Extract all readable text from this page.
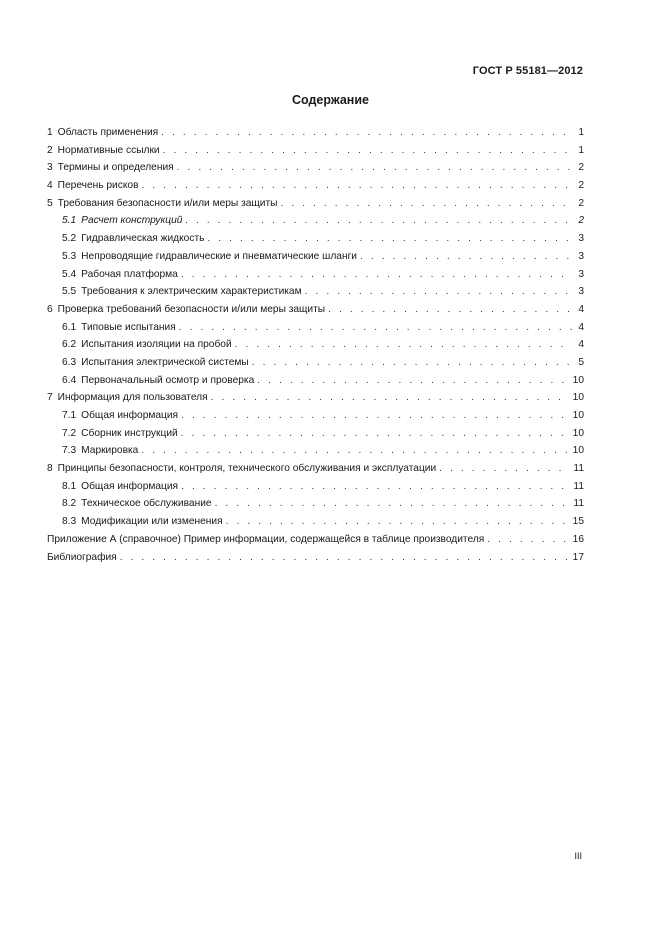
ГОСТ Р 55181—2012
Содержание
1 Область применения . . .	1
2 Нормативные ссылки . . .	1
3 Термины и определения . . .	2
4 Перечень рисков . . .	2
5 Требования безопасности и/или меры защиты . . .	2
5.1 Расчет конструкций . . .	2
5.2 Гидравлическая жидкость . . .	3
5.3 Непроводящие гидравлические и пневматические шланги . . .	3
5.4 Рабочая платформа . . .	3
5.5 Требования к электрическим характеристикам . . .	3
6 Проверка требований безопасности и/или меры защиты . . .	4
6.1 Типовые испытания . . .	4
6.2 Испытания изоляции на пробой . . .	4
6.3 Испытания электрической системы . . .	5
6.4 Первоначальный осмотр и проверка . . .	10
7 Информация для пользователя . . .	10
7.1 Общая информация . . .	10
7.2 Сборник инструкций . . .	10
7.3 Маркировка . . .	10
8 Принципы безопасности, контроля, технического обслуживания и эксплуатации . . .	11
8.1 Общая информация . . .	11
8.2 Техническое обслуживание . . .	11
8.3 Модификации или изменения . . .	15
Приложение А (справочное) Пример информации, содержащейся в таблице производителя . . .	16
Библиография . . .	17
III
